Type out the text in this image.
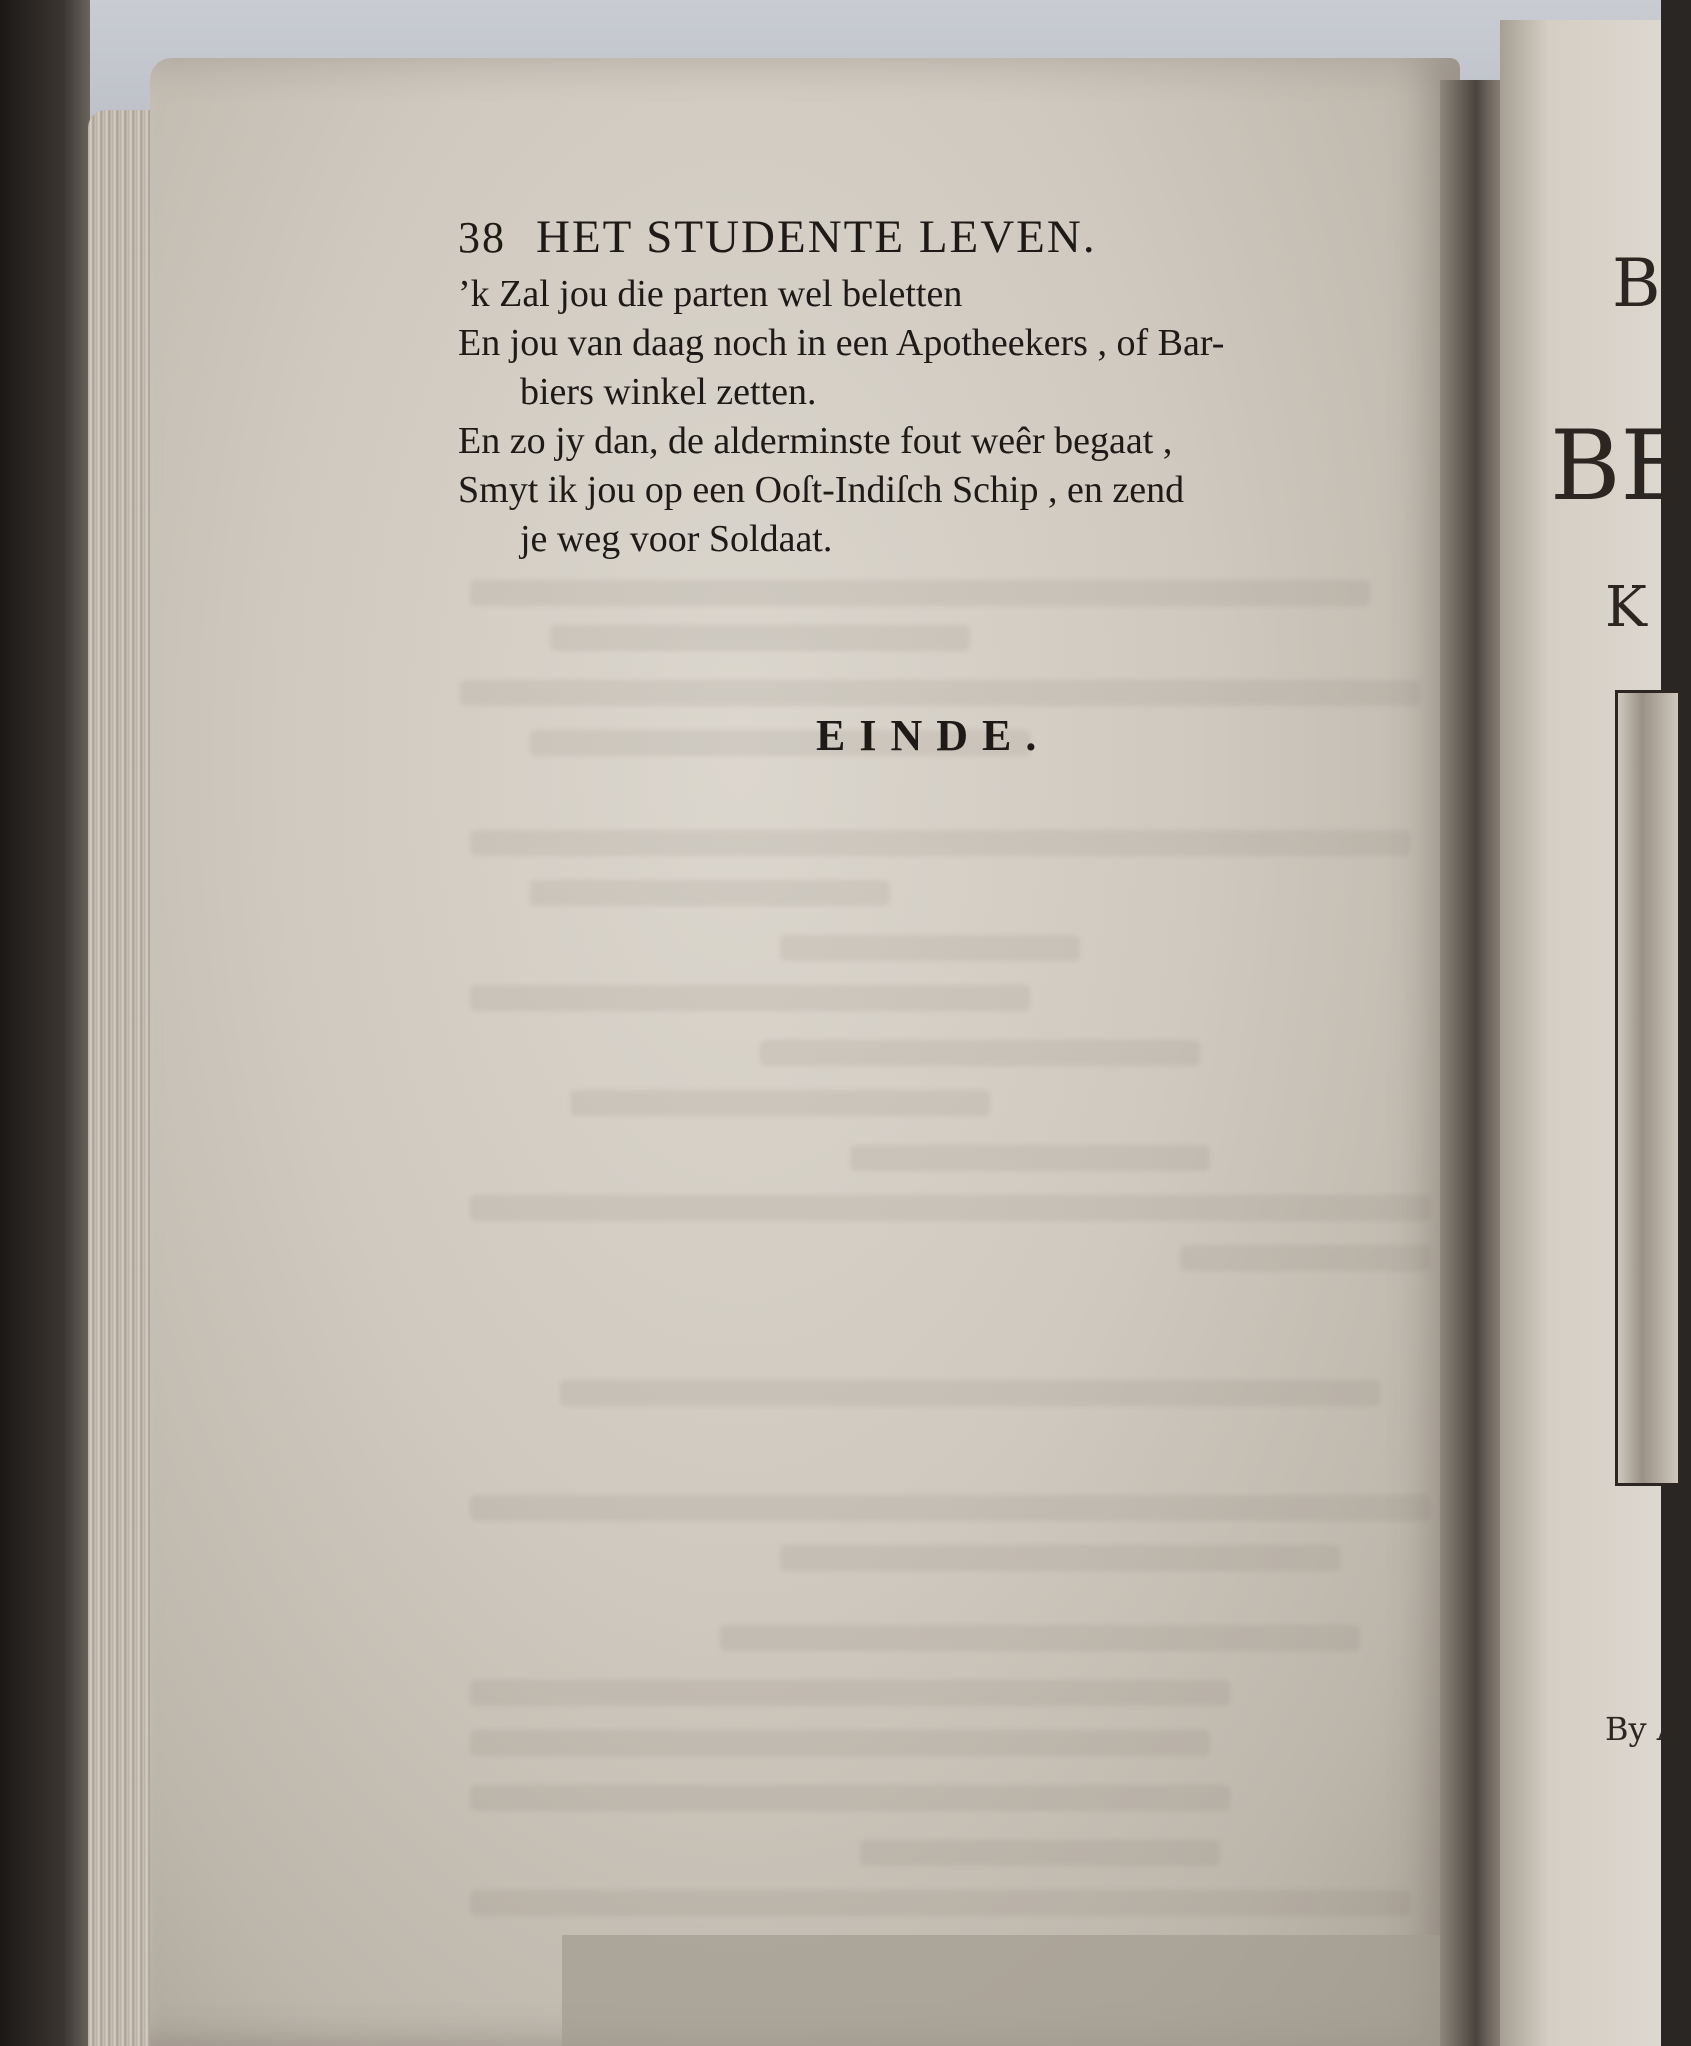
38 HET STUDENTE LEVEN.

’k Zal jou die parten wel beletten

En jou van daag noch in een Apotheekers , of Bar-

biers winkel zetten.

En zo jy dan, de alderminste fout weêr begaat ,

Smyt ik jou op een Ooſt-Indiſch Schip , en zend

je weg voor Soldaat.

EINDE.
B
BE
K
By A
